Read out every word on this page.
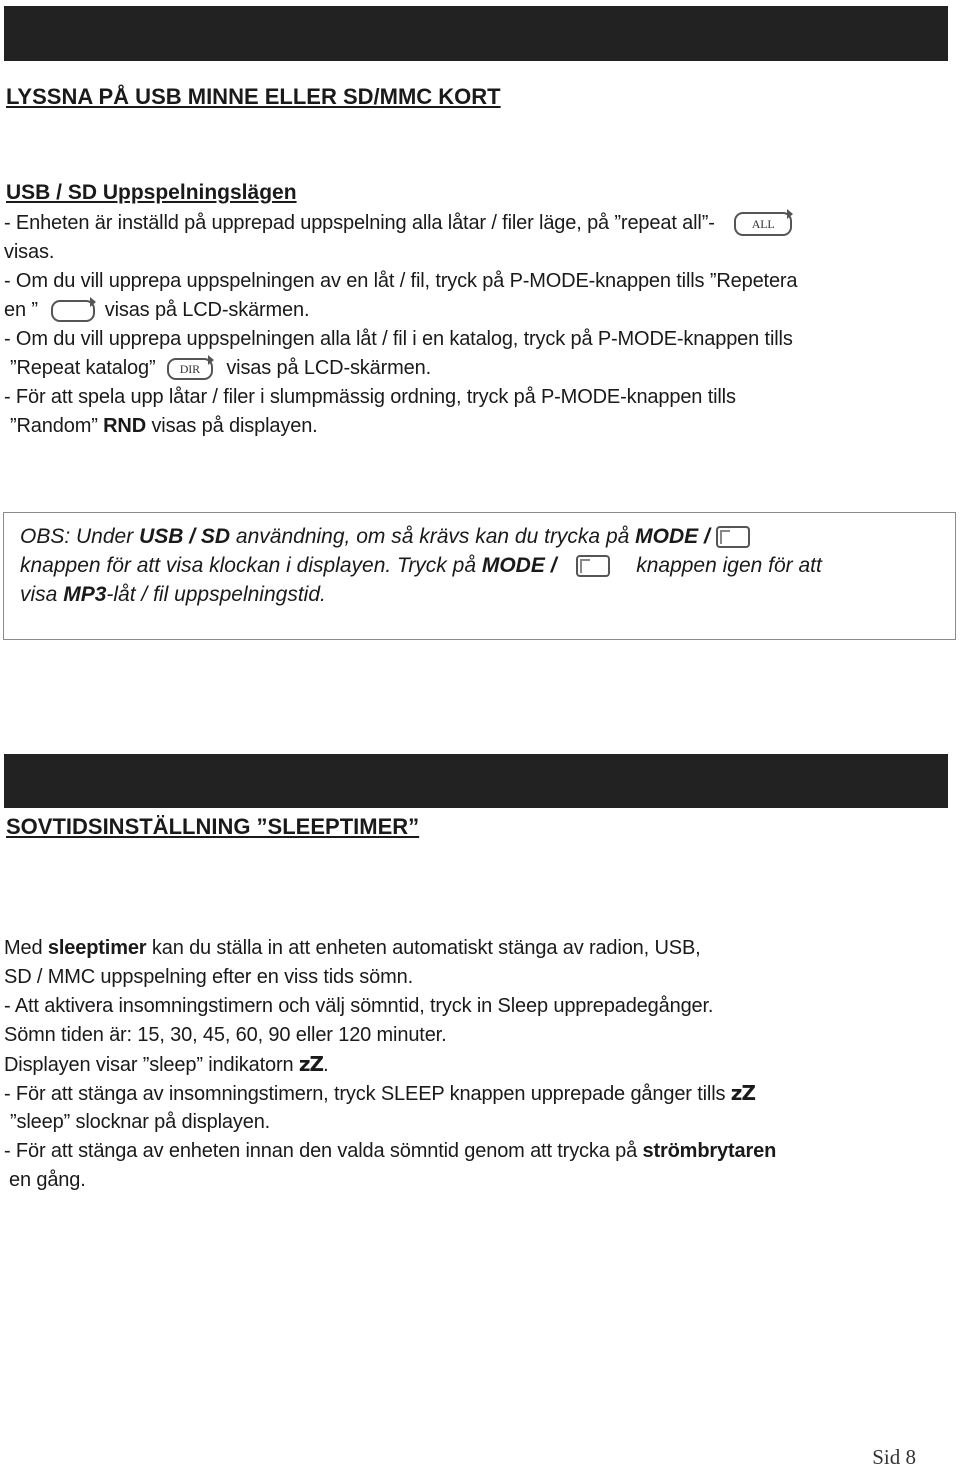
LYSSNA PÅ USB MINNE ELLER SD/MMC KORT
USB / SD Uppspelningslägen

- Enheten är inställd på upprepad uppspelning alla låtar / filer läge, på ”repeat all”-	ALL

visas.

- Om du vill upprepa uppspelningen av en låt / fil, tryck på P-MODE-knappen tills ”Repetera

en ”	visas på LCD-skärmen.

- Om du vill upprepa uppspelningen alla låt / fil i en katalog, tryck på P-MODE-knappen tills

”Repeat katalog”	DIR	visas på LCD-skärmen.

- För att spela upp låtar / filer i slumpmässig ordning, tryck på P-MODE-knappen tills

”Random” RND visas på displayen.

OBS: Under USB / SD användning, om så krävs kan du trycka på MODE /

knappen för att visa klockan i displayen. Tryck på MODE /	knappen igen för att

visa MP3-låt / fil uppspelningstid.

SOVTIDSINSTÄLLNING ”SLEEPTIMER”

Med sleeptimer kan du ställa in att enheten automatiskt stänga av radion, USB,

SD / MMC uppspelning efter en viss tids sömn.

- Att aktivera insomningstimern och välj sömntid, tryck in Sleep upprepadegånger.

Sömn tiden är: 15, 30, 45, 60, 90 eller 120 minuter.

Displayen visar ”sleep” indikatorn zZ.

- För att stänga av insomningstimern, tryck SLEEP knappen upprepade gånger tills zZ

”sleep” slocknar på displayen.

- För att stänga av enheten innan den valda sömntid genom att trycka på strömbrytaren

en gång.

Sid 8
